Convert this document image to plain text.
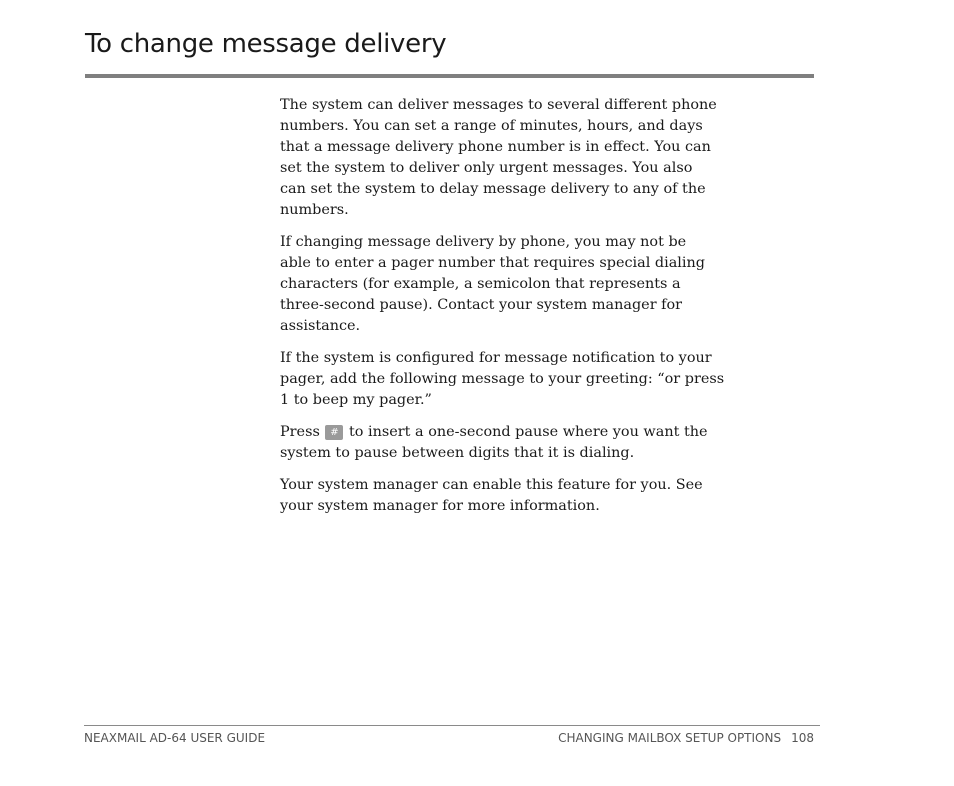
To change message delivery

The system can deliver messages to several different phone
numbers. You can set a range of minutes, hours, and days
that a message delivery phone number is in effect. You can
set the system to deliver only urgent messages. You also
can set the system to delay message delivery to any of the
numbers.

If changing message delivery by phone, you may not be
able to enter a pager number that requires special dialing
characters (for example, a semicolon that represents a
three-second pause). Contact your system manager for
assistance.

If the system is configured for message notification to your
pager, add the following message to your greeting: “or press
1 to beep my pager.”

Press # to insert a one-second pause where you want the
system to pause between digits that it is dialing.

Your system manager can enable this feature for you. See
your system manager for more information.

NEAXMAIL AD-64 USER GUIDE	CHANGING MAILBOX SETUP OPTIONS 108
